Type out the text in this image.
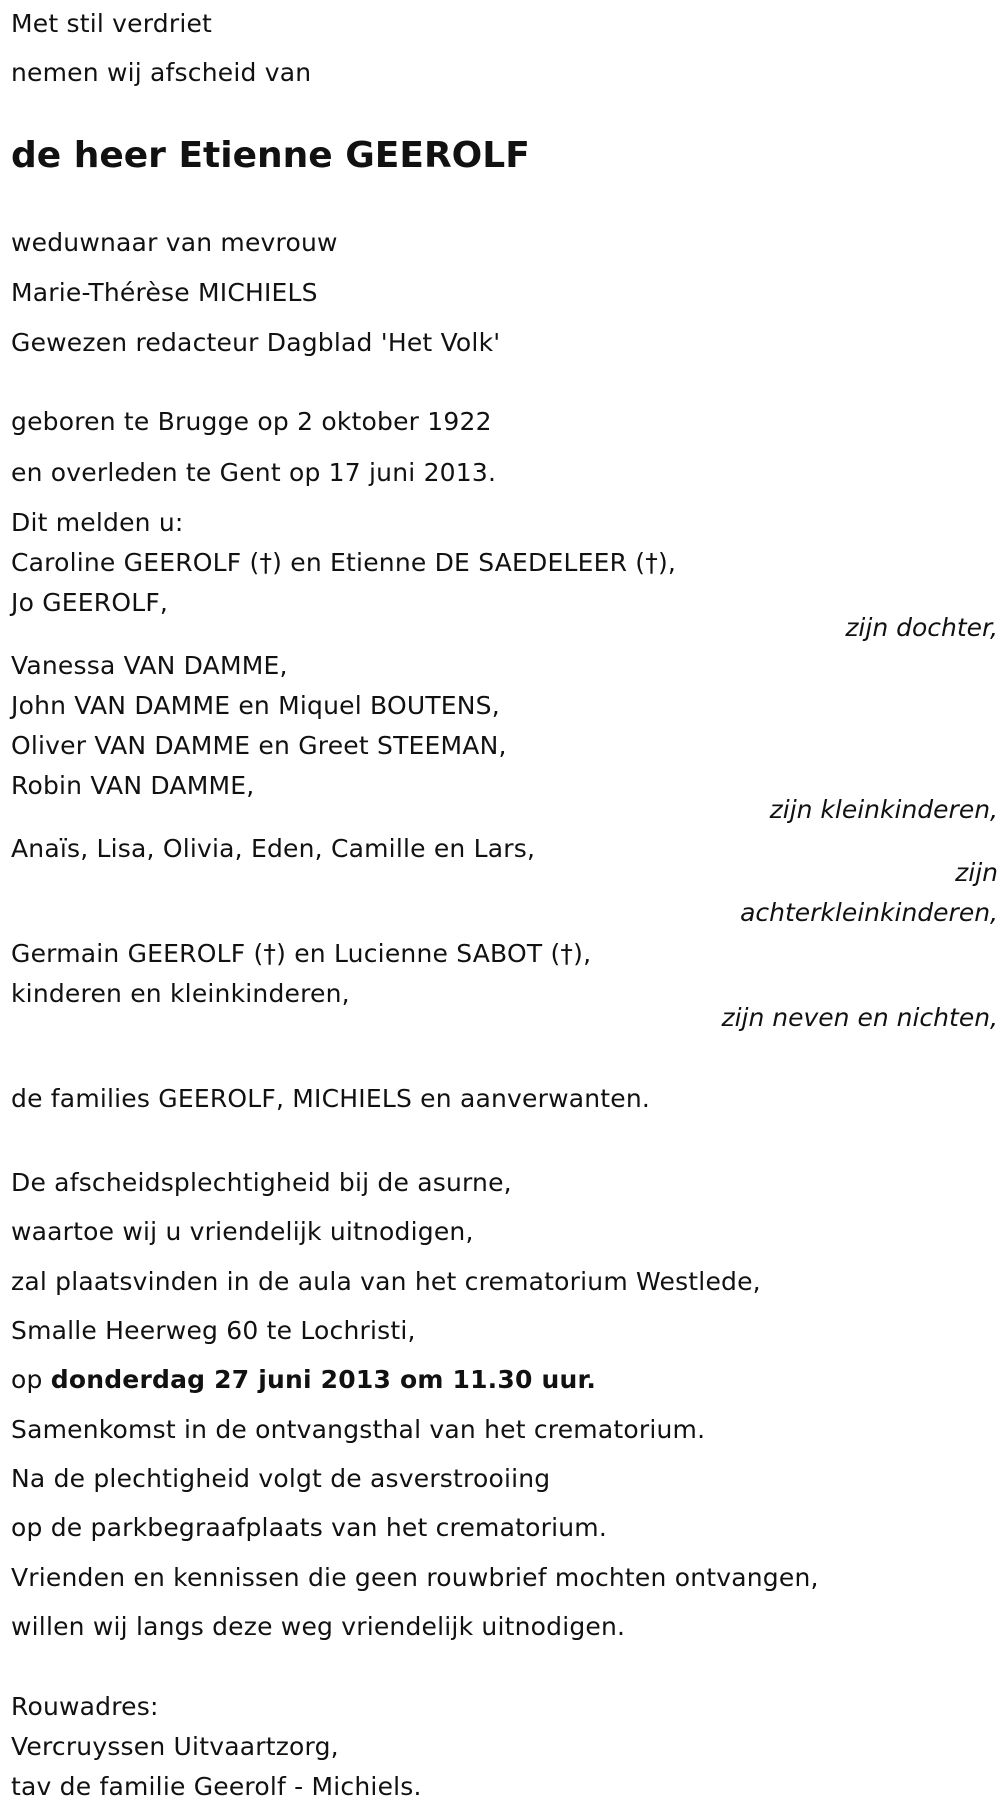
Met stil verdriet
nemen wij afscheid van
de heer Etienne GEEROLF
weduwnaar van mevrouw
Marie-Thérèse MICHIELS
Gewezen redacteur Dagblad 'Het Volk'
geboren te Brugge op 2 oktober 1922
en overleden te Gent op 17 juni 2013.
Dit melden u:
Caroline GEEROLF (†) en Etienne DE SAEDELEER (†),
Jo GEEROLF,
zijn dochter,
Vanessa VAN DAMME,
John VAN DAMME en Miquel BOUTENS,
Oliver VAN DAMME en Greet STEEMAN,
Robin VAN DAMME,
zijn kleinkinderen,
Anaïs, Lisa, Olivia, Eden, Camille en Lars,
zijn achterkleinkinderen,
Germain GEEROLF (†) en Lucienne SABOT (†),
kinderen en kleinkinderen,
zijn neven en nichten,
de families GEEROLF, MICHIELS en aanverwanten.
De afscheidsplechtigheid bij de asurne,
waartoe wij u vriendelijk uitnodigen,
zal plaatsvinden in de aula van het crematorium Westlede,
Smalle Heerweg 60 te Lochristi,
op donderdag 27 juni 2013 om 11.30 uur.
Samenkomst in de ontvangsthal van het crematorium.
Na de plechtigheid volgt de asverstrooiing
op de parkbegraafplaats van het crematorium.
Vrienden en kennissen die geen rouwbrief mochten ontvangen,
willen wij langs deze weg vriendelijk uitnodigen.
Rouwadres:
Vercruyssen Uitvaartzorg,
tav de familie Geerolf - Michiels.
